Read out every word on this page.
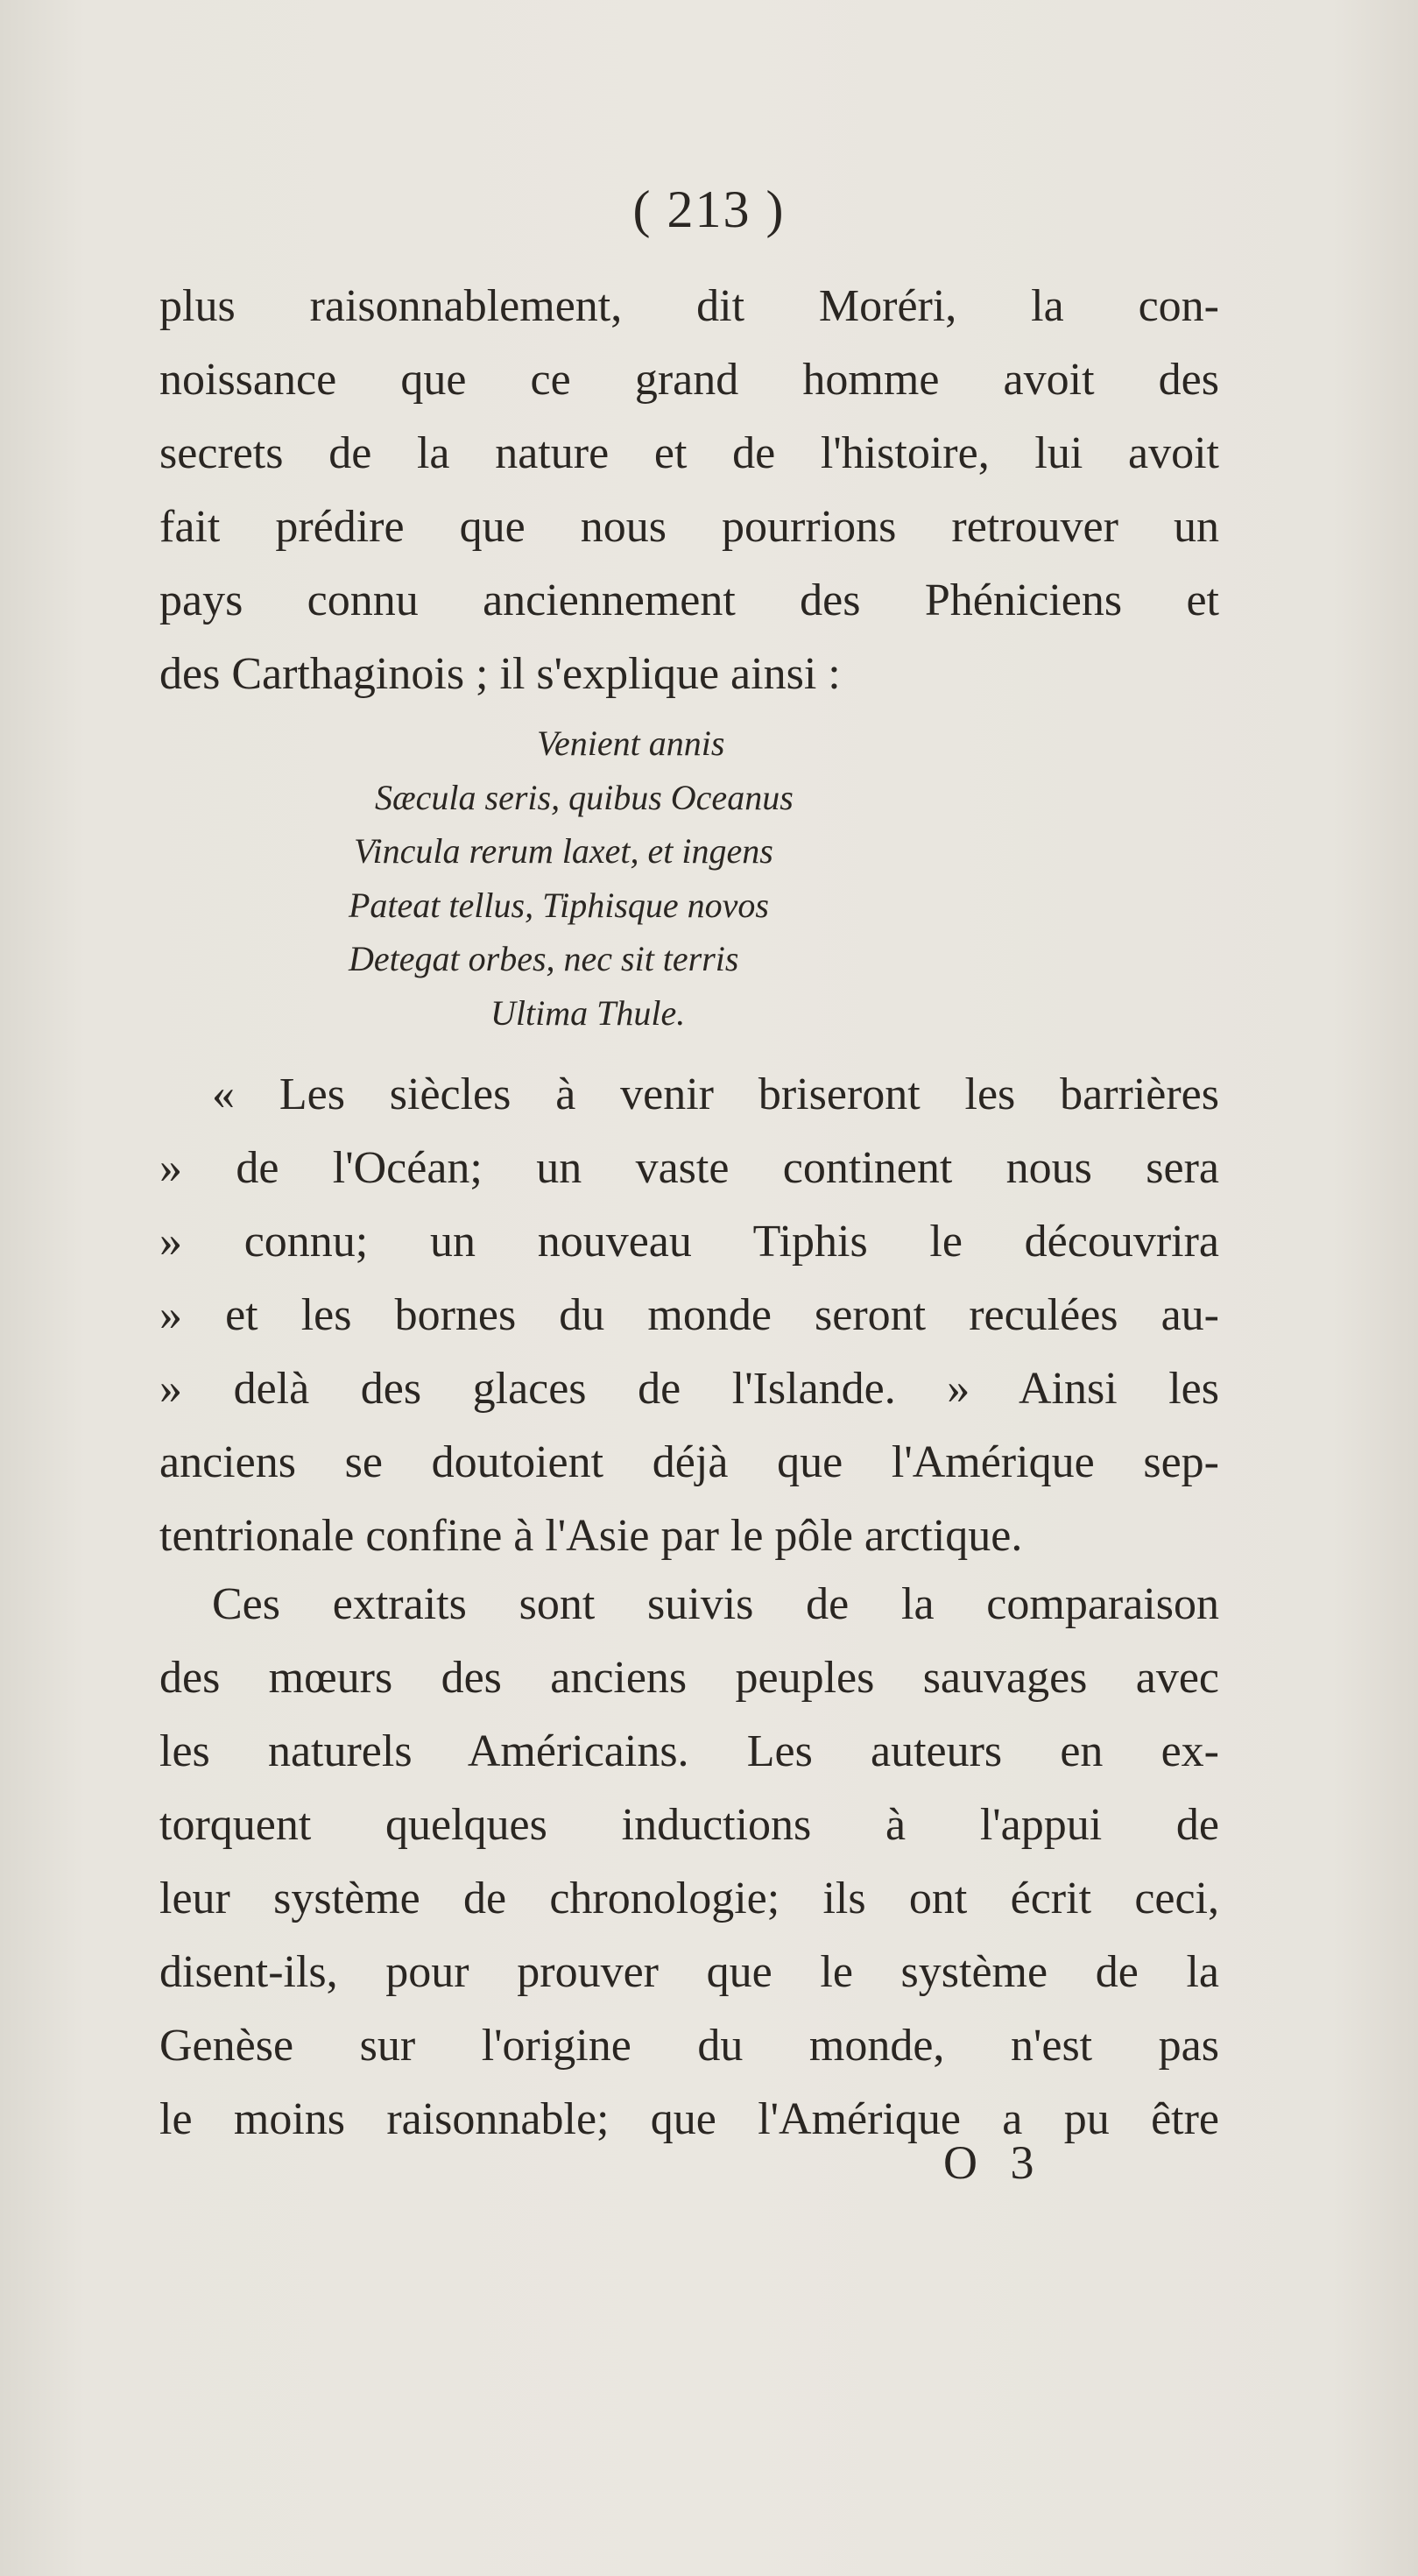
( 213 )
plus raisonnablement, dit Moréri, la con-
noissance que ce grand homme avoit des
secrets de la nature et de l'histoire, lui avoit
fait prédire que nous pourrions retrouver un
pays connu anciennement des Phéniciens et
des Carthaginois ; il s'explique ainsi :
Venient annis
Sæcula seris, quibus Oceanus
Vincula rerum laxet, et ingens
Pateat tellus, Tiphisque novos
Detegat orbes, nec sit terris
Ultima Thule.
« Les siècles à venir briseront les barrières
» de l'Océan; un vaste continent nous sera
» connu; un nouveau Tiphis le découvrira
» et les bornes du monde seront reculées au-
» delà des glaces de l'Islande. » Ainsi les
anciens se doutoient déjà que l'Amérique sep-
tentrionale confine à l'Asie par le pôle arctique.
Ces extraits sont suivis de la comparaison
des mœurs des anciens peuples sauvages avec
les naturels Américains. Les auteurs en ex-
torquent quelques inductions à l'appui de
leur système de chronologie; ils ont écrit ceci,
disent-ils, pour prouver que le système de la
Genèse sur l'origine du monde, n'est pas
le moins raisonnable; que l'Amérique a pu être
O 3
